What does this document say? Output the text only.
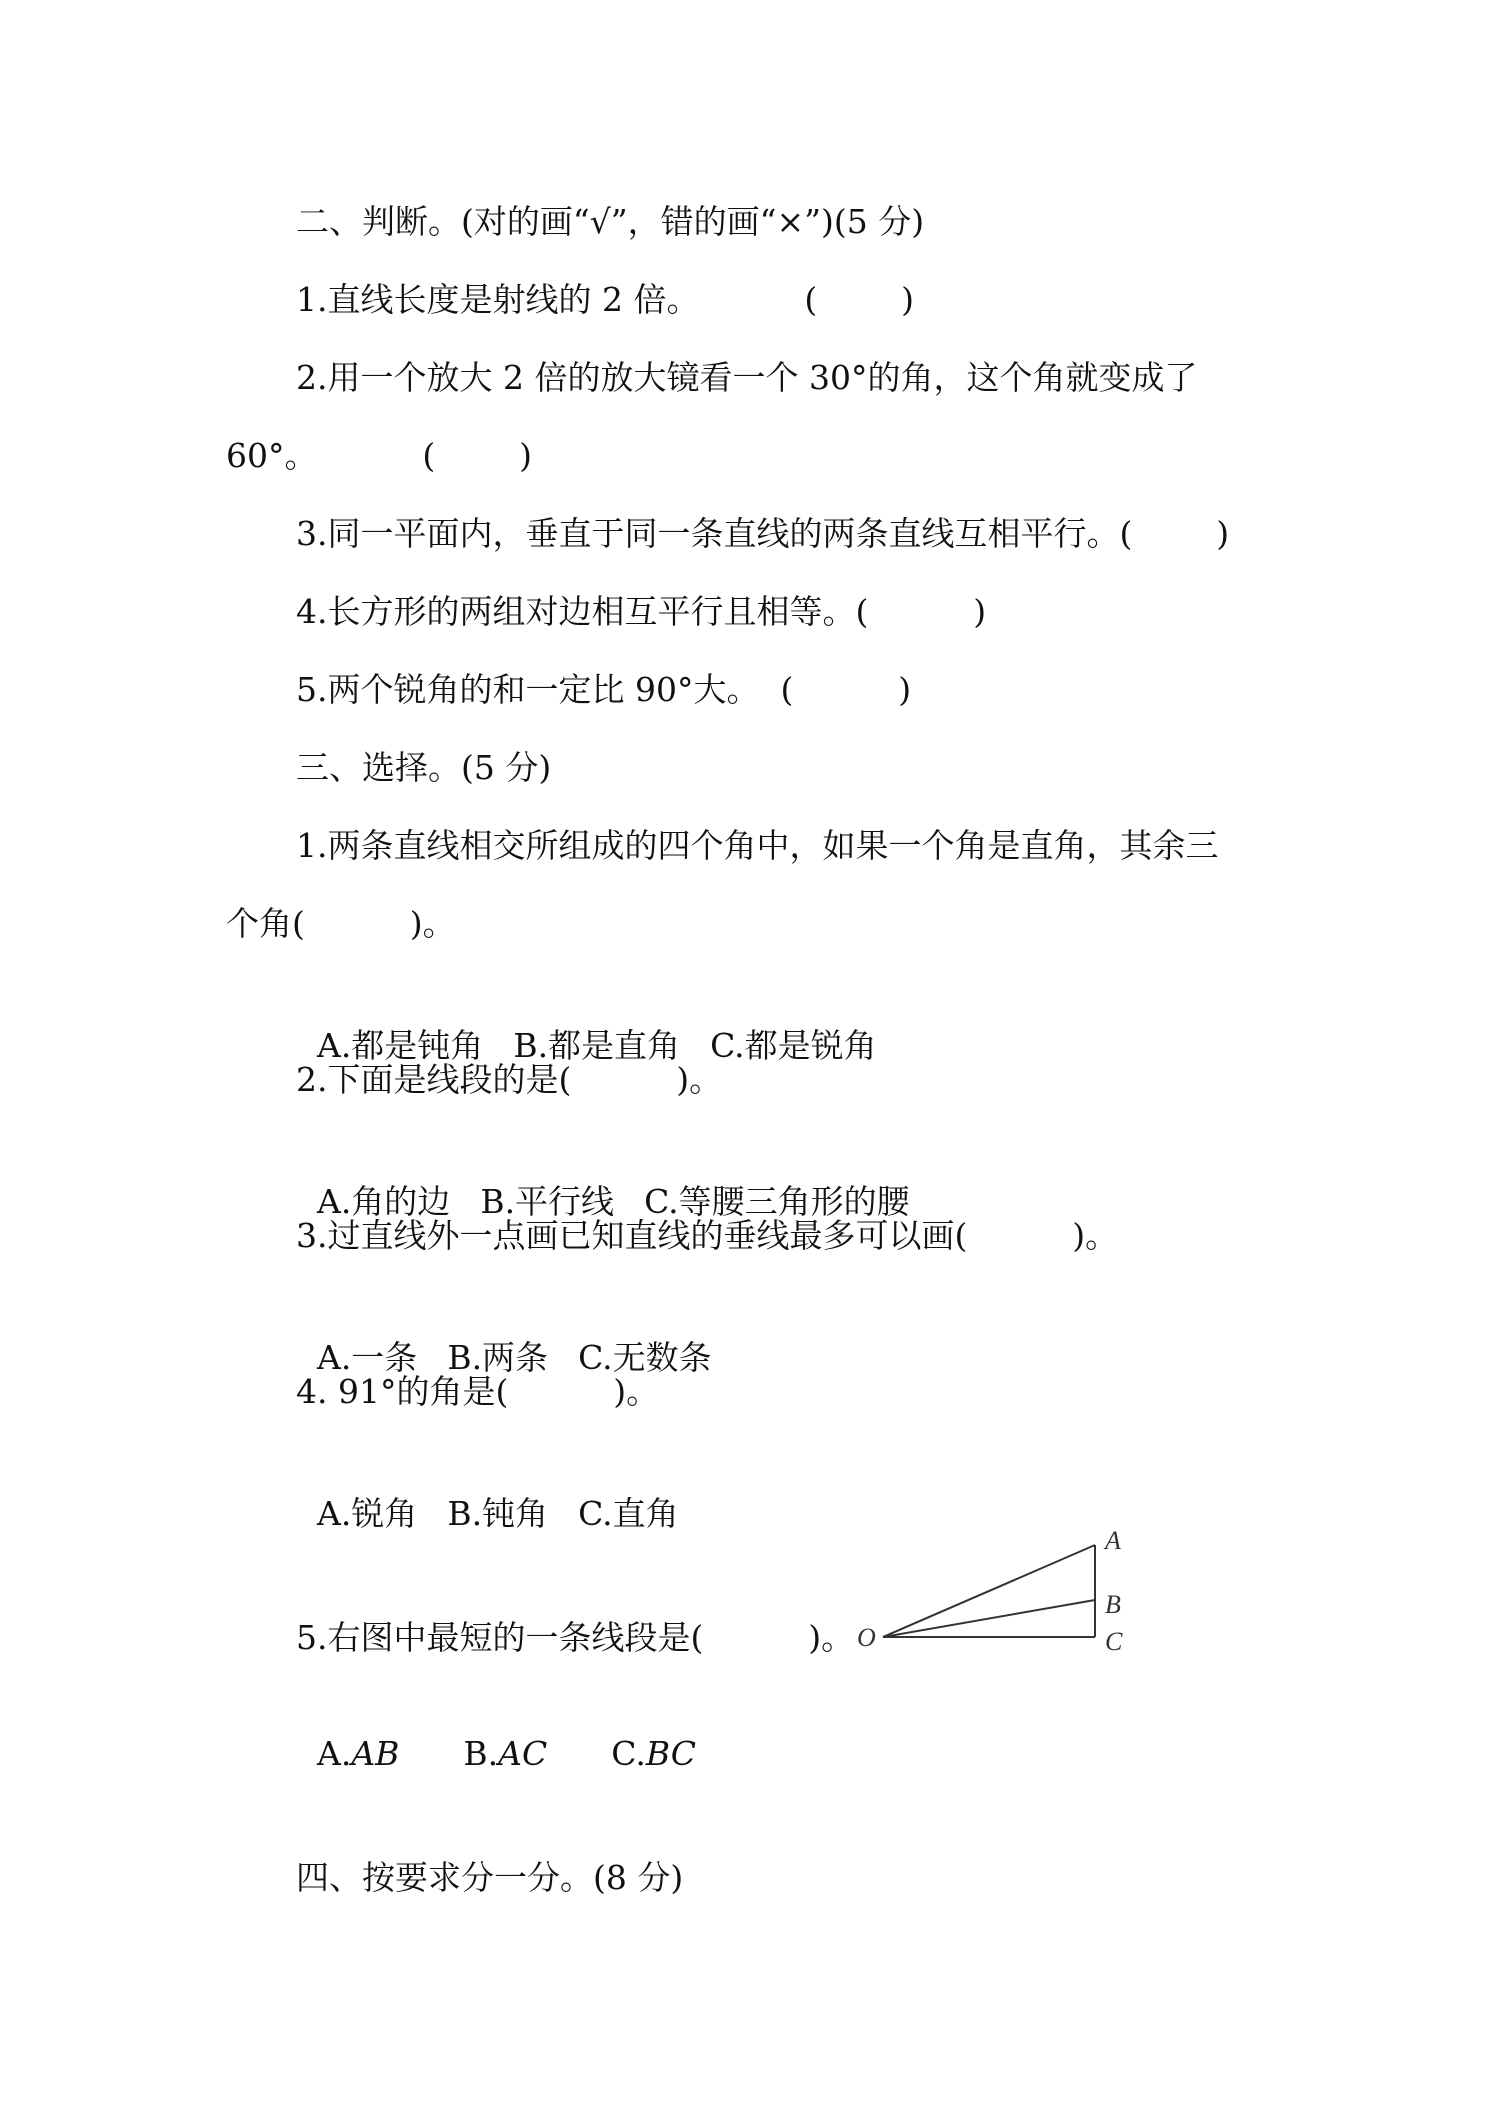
二、判断。(对的画“√”，错的画“×”)(5 分)
1.直线长度是射线的 2 倍。          (        )
2.用一个放大 2 倍的放大镜看一个 30°的角，这个角就变成了
60°。          (        )
3.同一平面内，垂直于同一条直线的两条直线互相平行。(        )
4.长方形的两组对边相互平行且相等。(          )
5.两个锐角的和一定比 90°大。  (          )
三、选择。(5 分)
1.两条直线相交所组成的四个角中，如果一个角是直角，其余三
个角(          )。

A.都是钝角 B.都是直角 C.都是锐角

2.下面是线段的是(          )。

A.角的边 B.平行线 C.等腰三角形的腰

3.过直线外一点画已知直线的垂线最多可以画(          )。

A.一条 B.两条 C.无数条

4. 91°的角是(          )。

A.锐角 B.钝角 C.直角

5.右图中最短的一条线段是(          )。 O
A
B
C

A.AB B.AC C.BC

四、按要求分一分。(8 分)
